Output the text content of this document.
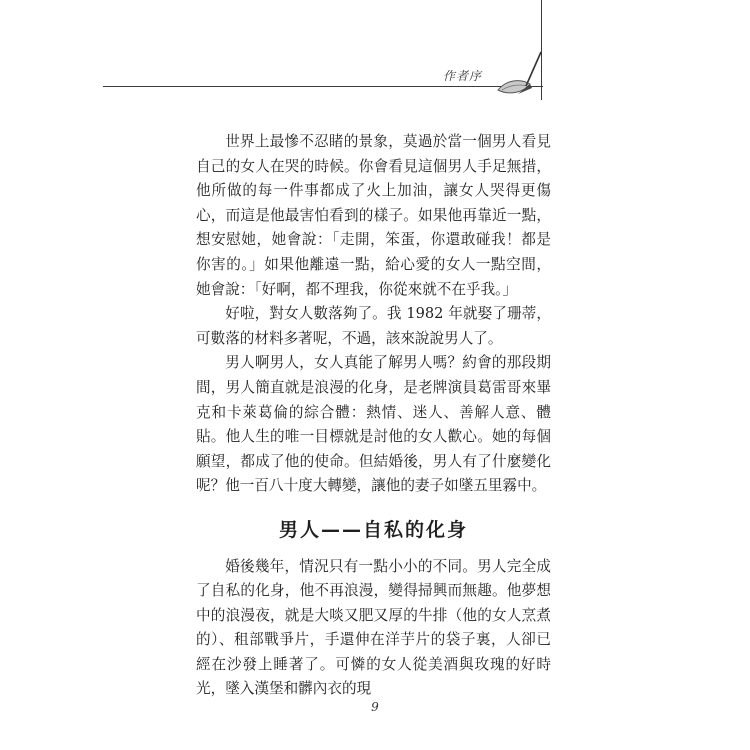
作者序

世界上最慘不忍睹的景象，莫過於當一個男人看見自己的女人在哭的時候。你會看見這個男人手足無措，他所做的每一件事都成了火上加油，讓女人哭得更傷心，而這是他最害怕看到的樣子。如果他再靠近一點，想安慰她，她會說：「走開，笨蛋，你還敢碰我！都是你害的。」如果他離遠一點，給心愛的女人一點空間，她會說：「好啊，都不理我，你從來就不在乎我。」

好啦，對女人數落夠了。我 1982 年就娶了珊蒂，可數落的材料多著呢，不過，該來說說男人了。

男人啊男人，女人真能了解男人嗎？約會的那段期間，男人簡直就是浪漫的化身，是老牌演員葛雷哥來畢克和卡萊葛倫的綜合體：熱情、迷人、善解人意、體貼。他人生的唯一目標就是討他的女人歡心。她的每個願望，都成了他的使命。但結婚後，男人有了什麼變化呢？他一百八十度大轉變，讓他的妻子如墜五里霧中。

男人——自私的化身

婚後幾年，情況只有一點小小的不同。男人完全成了自私的化身，他不再浪漫，變得掃興而無趣。他夢想中的浪漫夜，就是大啖又肥又厚的牛排（他的女人烹煮的）、租部戰爭片，手還伸在洋芋片的袋子裏，人卻已經在沙發上睡著了。可憐的女人從美酒與玫瑰的好時光，墜入漢堡和髒內衣的現

9
